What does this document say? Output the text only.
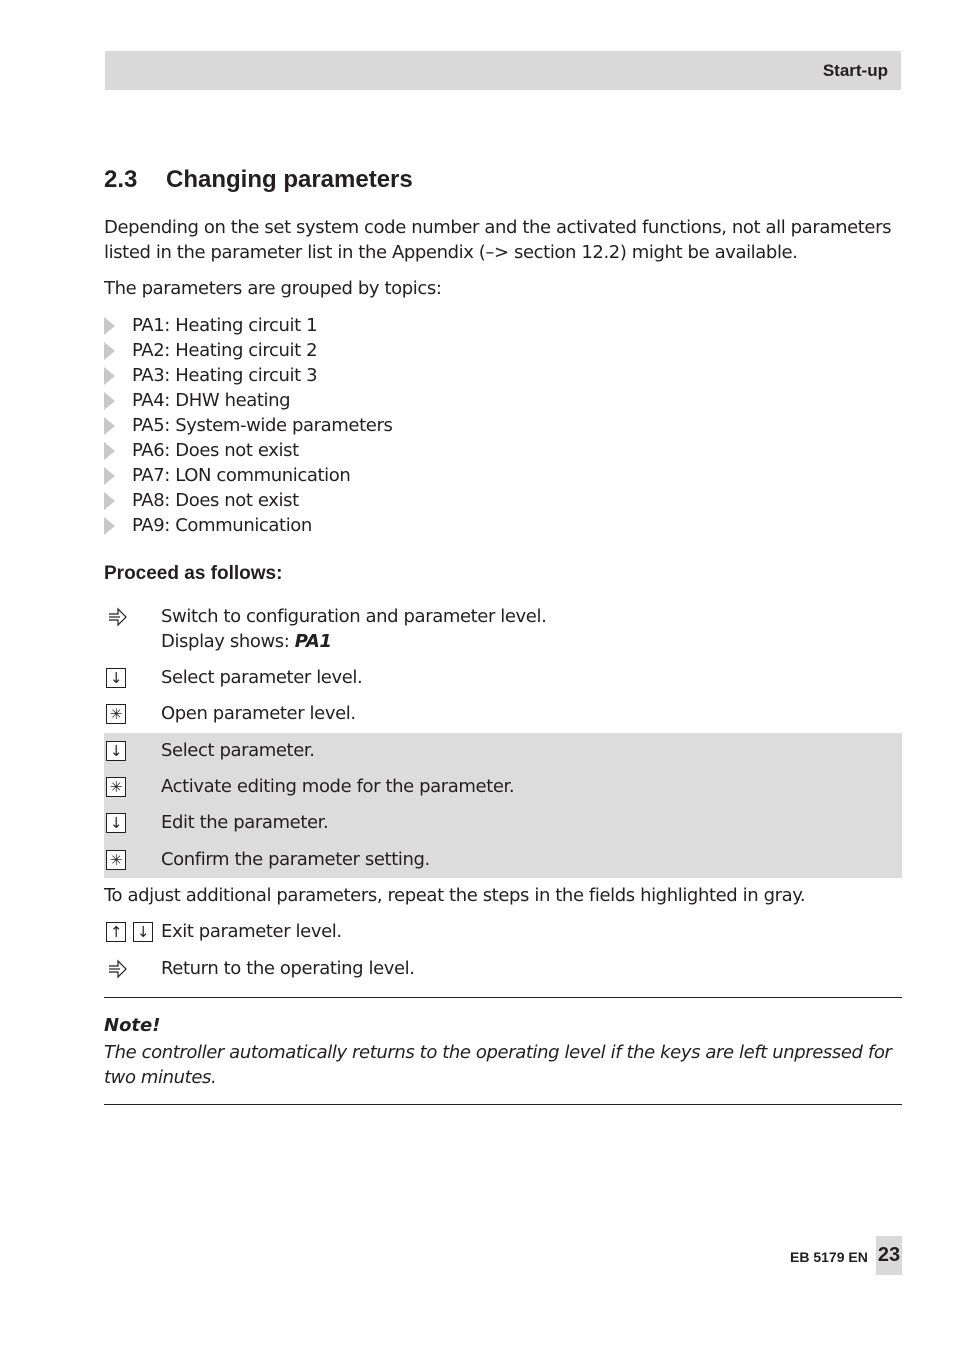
Start-up
2.3 Changing parameters
Depending on the set system code number and the activated functions, not all parameters listed in the parameter list in the Appendix (–> section 12.2) might be available.
The parameters are grouped by topics:
PA1: Heating circuit 1
PA2: Heating circuit 2
PA3: Heating circuit 3
PA4: DHW heating
PA5: System-wide parameters
PA6: Does not exist
PA7: LON communication
PA8: Does not exist
PA9: Communication
Proceed as follows:
Switch to configuration and parameter level.
Display shows: PA1
↓ Select parameter level.
✳ Open parameter level.
↓ Select parameter.
✳ Activate editing mode for the parameter.
↓ Edit the parameter.
✳ Confirm the parameter setting.
To adjust additional parameters, repeat the steps in the fields highlighted in gray.
↑ ↓ Exit parameter level.
Return to the operating level.
Note!
The controller automatically returns to the operating level if the keys are left unpressed for two minutes.
EB 5179 EN 23
